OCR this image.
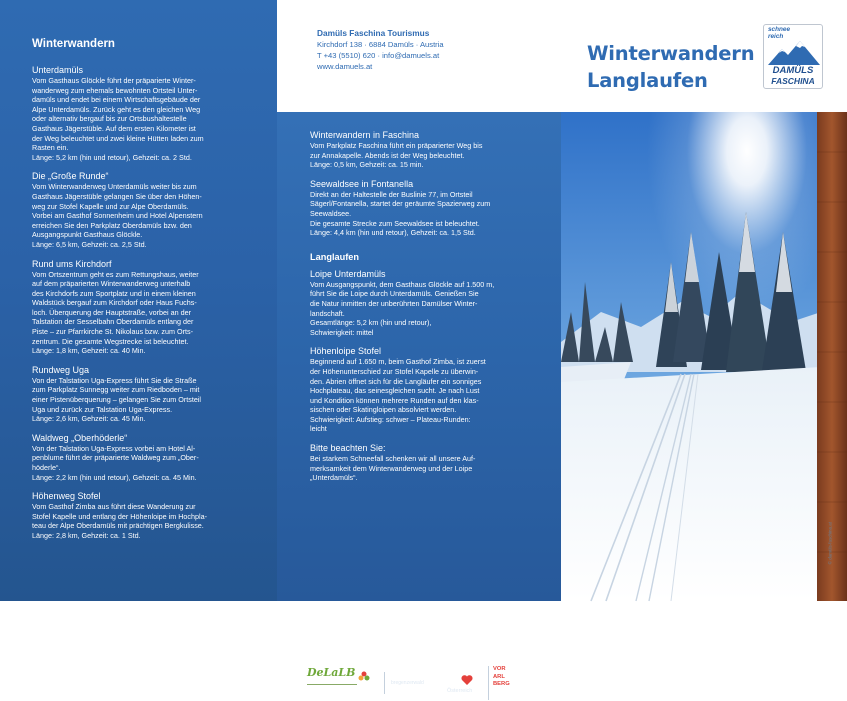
Winterwandern
Unterdamüls
Vom Gasthaus Glöckle führt der präparierte Winter-
wanderweg zum ehemals bewohnten Ortsteil Unter-
damüls und endet bei einem Wirtschaftsgebäude der
Alpe Unterdamüls. Zurück geht es den gleichen Weg
oder alternativ bergauf bis zur Ortsbushaltestelle
Gasthaus Jägerstüble. Auf dem ersten Kilometer ist
der Weg beleuchtet und zwei kleine Hütten laden zum
Rasten ein.
Länge: 5,2 km (hin und retour), Gehzeit: ca. 2 Std.
Die „Große Runde“
Vom Winterwanderweg Unterdamüls weiter bis zum
Gasthaus Jägerstüble gelangen Sie über den Höhen-
weg zur Stofel Kapelle und zur Alpe Oberdamüls.
Vorbei am Gasthof Sonnenheim und Hotel Alpenstern
erreichen Sie den Parkplatz Oberdamüls bzw. den
Ausgangspunkt Gasthaus Glöckle.
Länge: 6,5 km, Gehzeit: ca. 2,5 Std.
Rund ums Kirchdorf
Vom Ortszentrum geht es zum Rettungshaus, weiter
auf dem präparierten Winterwanderweg unterhalb
des Kirchdorfs zum Sportplatz und in einem kleinen
Waldstück bergauf zum Kirchdorf oder Haus Fuchs-
loch. Überquerung der Hauptstraße, vorbei an der
Talstation der Sesselbahn Oberdamüls entlang der
Piste – zur Pfarrkirche St. Nikolaus bzw. zum Orts-
zentrum. Die gesamte Wegstrecke ist beleuchtet.
Länge: 1,8 km, Gehzeit: ca. 40 Min.
Rundweg Uga
Von der Talstation Uga-Express führt Sie die Straße
zum Parkplatz Sunnegg weiter zum Riedboden – mit
einer Pistenüberquerung – gelangen Sie zum Ortsteil
Uga und zurück zur Talstation Uga-Express.
Länge: 2,6 km, Gehzeit: ca. 45 Min.
Waldweg „Oberhöderle“
Von der Talstation Uga-Express vorbei am Hotel Al-
penblume führt der präparierte Waldweg zum „Ober-
höderle“.
Länge: 2,2 km (hin und retour), Gehzeit: ca. 45 Min.
Höhenweg Stofel
Vom Gasthof Zimba aus führt diese Wanderung zur
Stofel Kapelle und entlang der Höhenloipe im Hochpla-
teau der Alpe Oberdamüls mit prächtigen Bergkulisse.
Länge: 2,8 km, Gehzeit: ca. 1 Std.
Damüls Faschina Tourismus
Kirchdorf 138 · 6884 Damüls · Austria
T +43 (5510) 620 · info@damuels.at
www.damuels.at
Winterwandern in Faschina
Vom Parkplatz Faschina führt ein präparierter Weg bis
zur Annakapelle. Abends ist der Weg beleuchtet.
Länge: 0,5 km, Gehzeit: ca. 15 min.
Seewaldsee in Fontanella
Direkt an der Haltestelle der Buslinie 77, im Ortsteil
Sägerl/Fontanella, startet der geräumte Spazierweg zum
Seewaldsee.
Die gesamte Strecke zum Seewaldsee ist beleuchtet.
Länge: 4,4 km (hin und retour), Gehzeit: ca. 1,5 Std.
Langlaufen
Loipe Unterdamüls
Vom Ausgangspunkt, dem Gasthaus Glöckle auf 1.500 m,
führt Sie die Loipe durch Unterdamüls. Genießen Sie
die Natur inmitten der unberührten Damülser Winter-
landschaft.
Gesamtlänge: 5,2 km (hin und retour),
Schwierigkeit: mittel
Höhenloipe Stofel
Beginnend auf 1.650 m, beim Gasthof Zimba, ist zuerst
der Höhenunterschied zur Stofel Kapelle zu überwin-
den. Abrien öffnet sich für die Langläufer ein sonniges
Hochplateau, das seinesgleichen sucht. Je nach Lust
und Kondition können mehrere Runden auf den klas-
sischen oder Skatingloipen absolviert werden.
Schwierigkeit: Aufstieg: schwer – Plateau-Runden:
leicht
Bitte beachten Sie:
Bei starkem Schneefall schenken wir all unsere Auf-
merksamkeit dem Winterwanderweg und der Loipe
„Unterdamüls“.
DeLaLB
bregenzerwald
Österreich
VOR
ARL
BERG
Winterwandern
Langlaufen
schnee
reich
DAMÜLS
FASCHINA
© damüls-faschina.at
